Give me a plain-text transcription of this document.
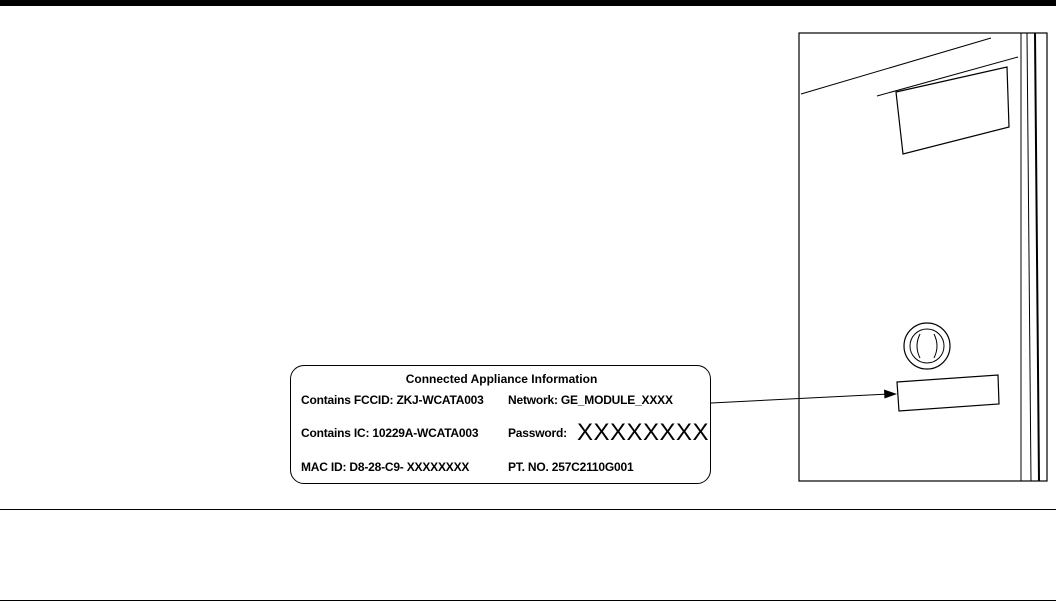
Connected Appliance Information
Contains FCCID: ZKJ-WCATA003 Network: GE_MODULE_XXXX
Contains IC: 10229A-WCATA003 Password: XXXXXXXX
MAC ID: D8-28-C9- XXXXXXXX	PT. NO. 257C2110G001
